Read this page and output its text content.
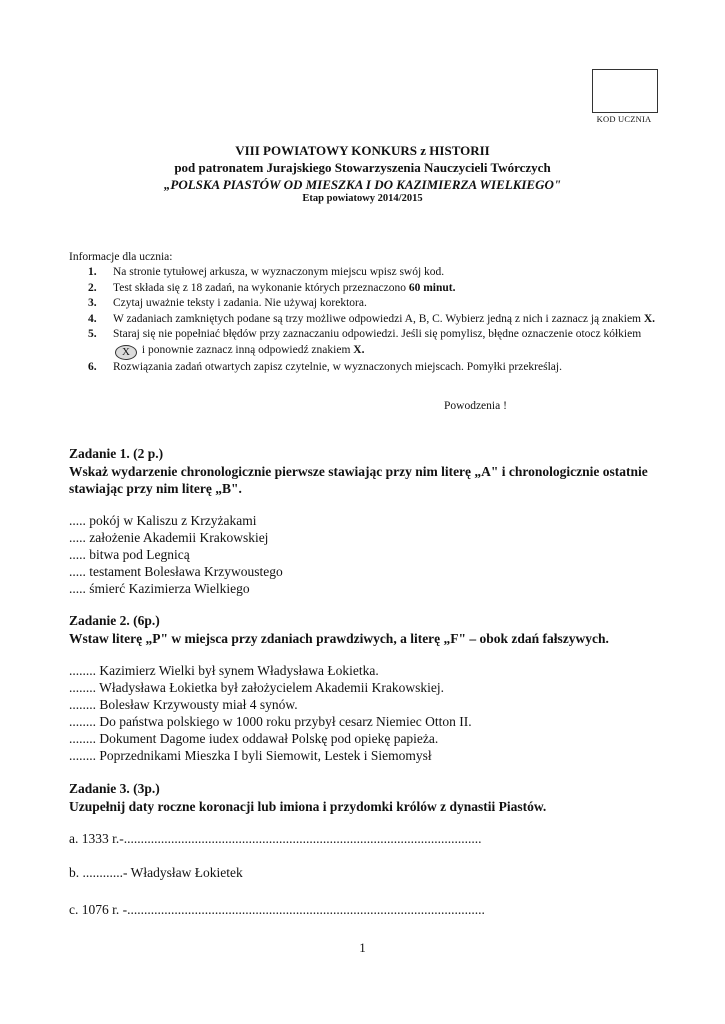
KOD UCZNIA
VIII POWIATOWY KONKURS z HISTORII
pod patronatem Jurajskiego Stowarzyszenia Nauczycieli Twórczych
„POLSKA PIASTÓW OD MIESZKA I DO KAZIMIERZA WIELKIEGO"
Etap powiatowy 2014/2015
Informacje dla ucznia:
1. Na stronie tytułowej arkusza, w wyznaczonym miejscu wpisz swój kod.
2. Test składa się z 18 zadań, na wykonanie których przeznaczono 60 minut.
3. Czytaj uważnie teksty i zadania. Nie używaj korektora.
4. W zadaniach zamkniętych podane są trzy możliwe odpowiedzi A, B, C. Wybierz jedną z nich i zaznacz ją znakiem X.
5. Staraj się nie popełniać błędów przy zaznaczaniu odpowiedzi. Jeśli się pomylisz, błędne oznaczenie otocz kółkiem X i ponownie zaznacz inną odpowiedź znakiem X.
6. Rozwiązania zadań otwartych zapisz czytelnie, w wyznaczonych miejscach. Pomyłki przekreślaj.
Powodzenia !
Zadanie 1. (2 p.)
Wskaż wydarzenie chronologicznie pierwsze stawiając przy nim literę „A" i chronologicznie ostatnie stawiając przy nim literę „B".
..... pokój w Kaliszu z Krzyżakami
..... założenie Akademii Krakowskiej
..... bitwa pod Legnicą
..... testament Bolesława Krzywoustego
..... śmierć Kazimierza Wielkiego
Zadanie 2. (6p.)
Wstaw literę „P" w miejsca przy zdaniach prawdziwych, a literę „F" – obok zdań fałszywych.
........ Kazimierz Wielki był synem Władysława Łokietka.
........ Władysława Łokietka był założycielem Akademii Krakowskiej.
........ Bolesław Krzywousty miał 4 synów.
........ Do państwa polskiego w 1000 roku przybył cesarz Niemiec Otton II.
........ Dokument Dagome iudex oddawał Polskę pod opiekę papieża.
........ Poprzednikami Mieszka I byli Siemowit, Lestek i Siemomysł
Zadanie 3. (3p.)
Uzupełnij daty roczne koronacji lub imiona i przydomki królów z dynastii Piastów.
a. 1333 r.-..........................................................................................................
b. ............- Władysław Łokietek
c. 1076 r. -..........................................................................................................
1
